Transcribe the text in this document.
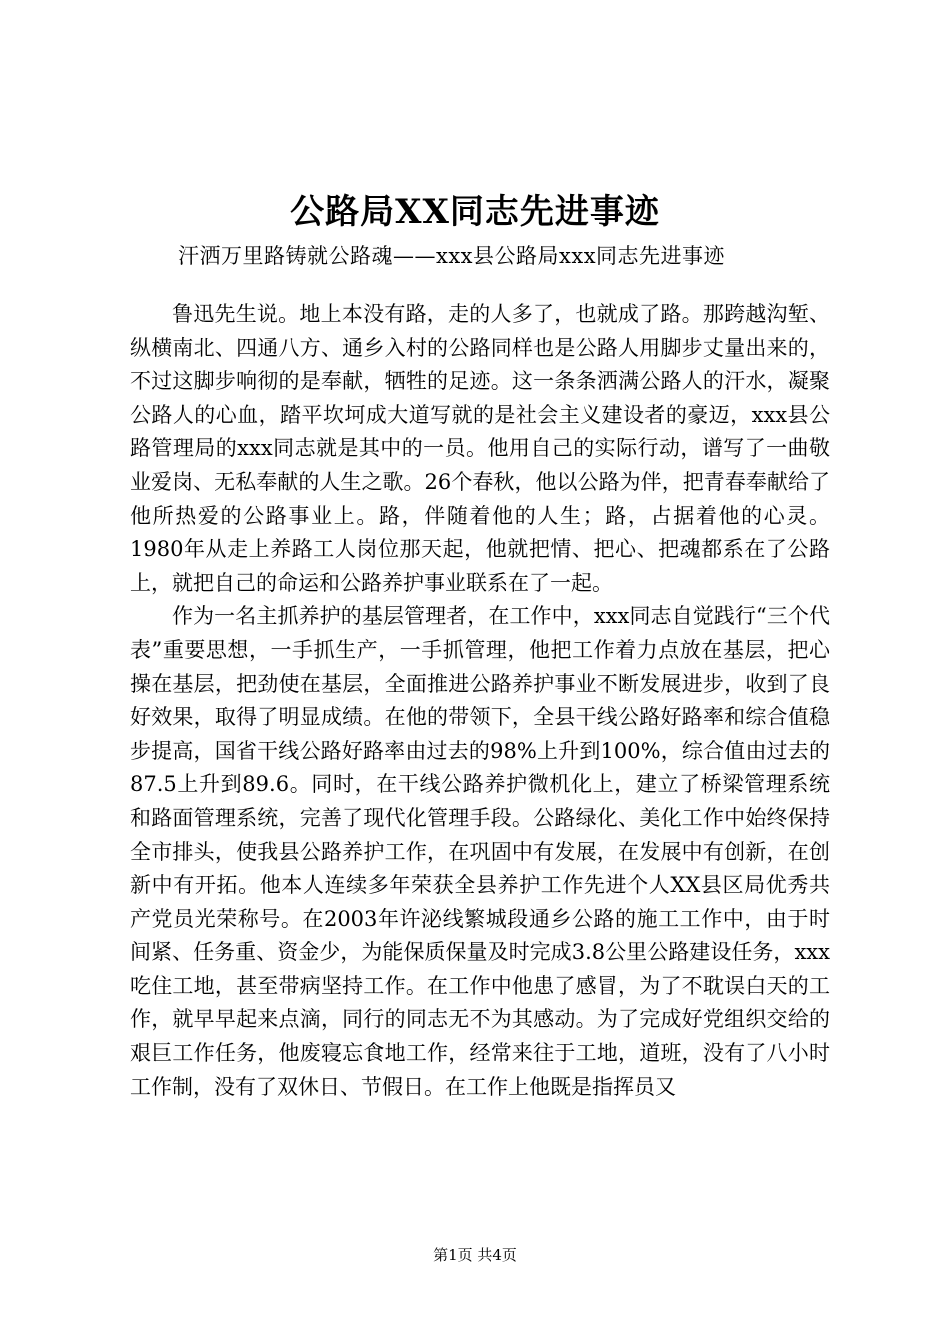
公路局XX同志先进事迹

汗洒万里路铸就公路魂——xxx县公路局xxx同志先进事迹

鲁迅先生说。地上本没有路，走的人多了，也就成了路。那跨越沟堑、纵横南北、四通八方、通乡入村的公路同样也是公路人用脚步丈量出来的，不过这脚步响彻的是奉献，牺牲的足迹。这一条条洒满公路人的汗水，凝聚公路人的心血，踏平坎坷成大道写就的是社会主义建设者的豪迈，xxx县公路管理局的xxx同志就是其中的一员。他用自己的实际行动，谱写了一曲敬业爱岗、无私奉献的人生之歌。26个春秋，他以公路为伴，把青春奉献给了他所热爱的公路事业上。路，伴随着他的人生；路，占据着他的心灵。1980年从走上养路工人岗位那天起，他就把情、把心、把魂都系在了公路上，就把自己的命运和公路养护事业联系在了一起。

作为一名主抓养护的基层管理者，在工作中，xxx同志自觉践行“三个代表”重要思想，一手抓生产，一手抓管理，他把工作着力点放在基层，把心操在基层，把劲使在基层，全面推进公路养护事业不断发展进步，收到了良好效果，取得了明显成绩。在他的带领下，全县干线公路好路率和综合值稳步提高，国省干线公路好路率由过去的98%上升到100%，综合值由过去的87.5上升到89.6。同时，在干线公路养护微机化上，建立了桥梁管理系统和路面管理系统，完善了现代化管理手段。公路绿化、美化工作中始终保持全市排头，使我县公路养护工作，在巩固中有发展，在发展中有创新，在创新中有开拓。他本人连续多年荣获全县养护工作先进个人XX县区局优秀共产党员光荣称号。在2003年许泌线繁城段通乡公路的施工工作中，由于时间紧、任务重、资金少，为能保质保量及时完成3.8公里公路建设任务，xxx吃住工地，甚至带病坚持工作。在工作中他患了感冒，为了不耽误白天的工作，就早早起来点滴，同行的同志无不为其感动。为了完成好党组织交给的艰巨工作任务，他废寝忘食地工作，经常来往于工地，道班，没有了八小时工作制，没有了双休日、节假日。在工作上他既是指挥员又

第1页 共4页
